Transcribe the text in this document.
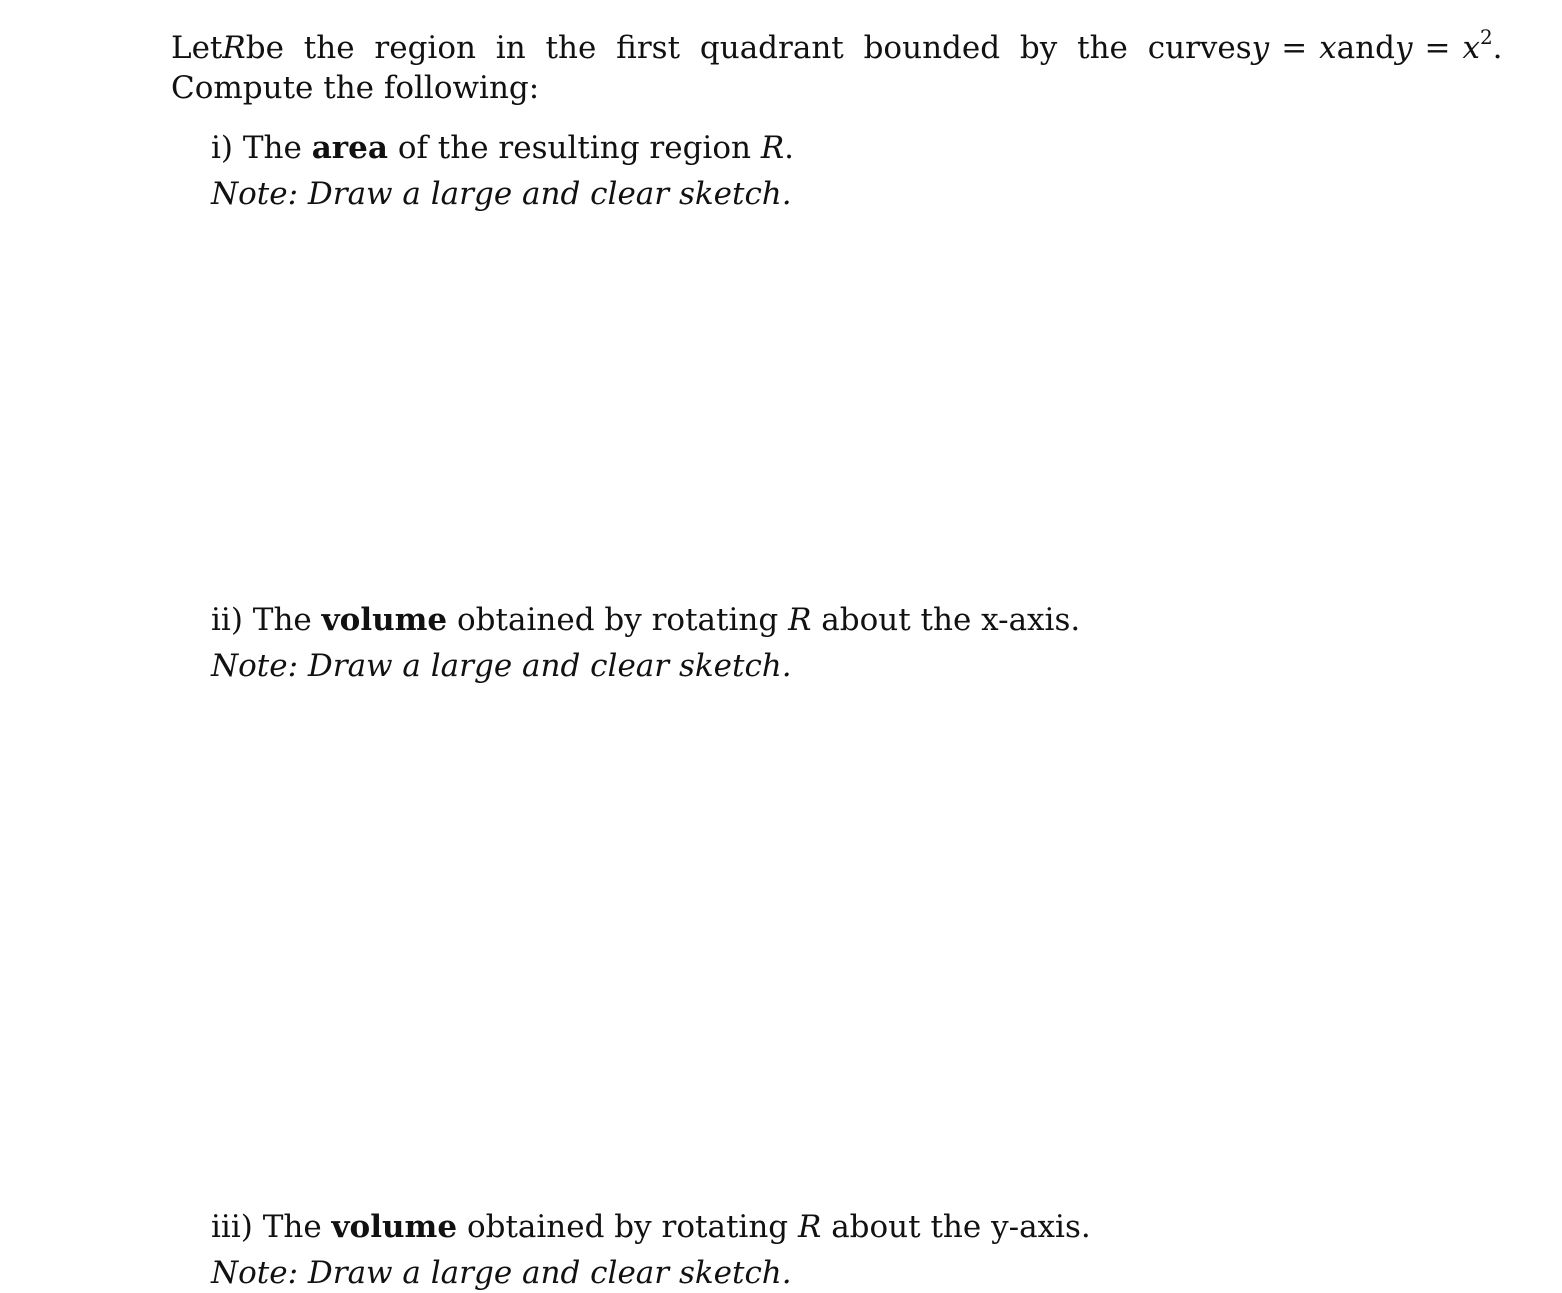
Let R be the region in the first quadrant bounded by the curves y = x and $y = x^2$.
Compute the following:

i) The area of the resulting region R.

Note: Draw a large and clear sketch.

ii) The volume obtained by rotating R about the x-axis.

Note: Draw a large and clear sketch.

iii) The volume obtained by rotating R about the y-axis.

Note: Draw a large and clear sketch.
